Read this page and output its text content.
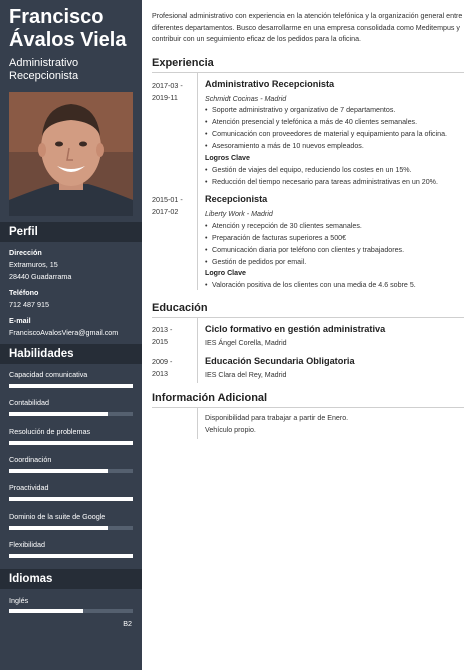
Francisco
Ávalos Viela
Administrativo
Recepcionista
Perfil
Dirección
Extramuros, 15
28440 Guadarrama
Teléfono
712 487 915
E-mail
FranciscoAvalosViera@gmail.com
Habilidades
Capacidad comunicativa
Contabilidad
Resolución de problemas
Coordinación
Proactividad
Dominio de la suite de Google
Flexibilidad
Idiomas
Inglés
B2
Profesional administrativo con experiencia en la atención telefónica y la organización general entre diferentes departamentos. Busco desarrollarme en una empresa consolidada como Meditempus y contribuir con un seguimiento eficaz de los pedidos para la oficina.
Experiencia
2017-03 -
2019-11
Administrativo Recepcionista
Schmidt Cocinas - Madrid
• Soporte administrativo y organizativo de 7 departamentos.
• Atención presencial y telefónica a más de 40 clientes semanales.
• Comunicación con proveedores de material y equipamiento para la oficina.
• Asesoramiento a más de 10 nuevos empleados.
Logros Clave
• Gestión de viajes del equipo, reduciendo los costes en un 15%.
• Reducción del tiempo necesario para tareas administrativas en un 20%.
2015-01 -
2017-02
Recepcionista
Liberty Work - Madrid
• Atención y recepción de 30 clientes semanales.
• Preparación de facturas superiores a 500€
• Comunicación diaria por teléfono con clientes y trabajadores.
• Gestión de pedidos por email.
Logro Clave
• Valoración positiva de los clientes con una media de 4.6 sobre 5.
Educación
2013 -
2015
Ciclo formativo en gestión administrativa
IES Ángel Corella, Madrid
2009 -
2013
Educación Secundaria Obligatoria
IES Clara del Rey, Madrid
Información Adicional
Disponibilidad para trabajar a partir de Enero.
Vehículo propio.
